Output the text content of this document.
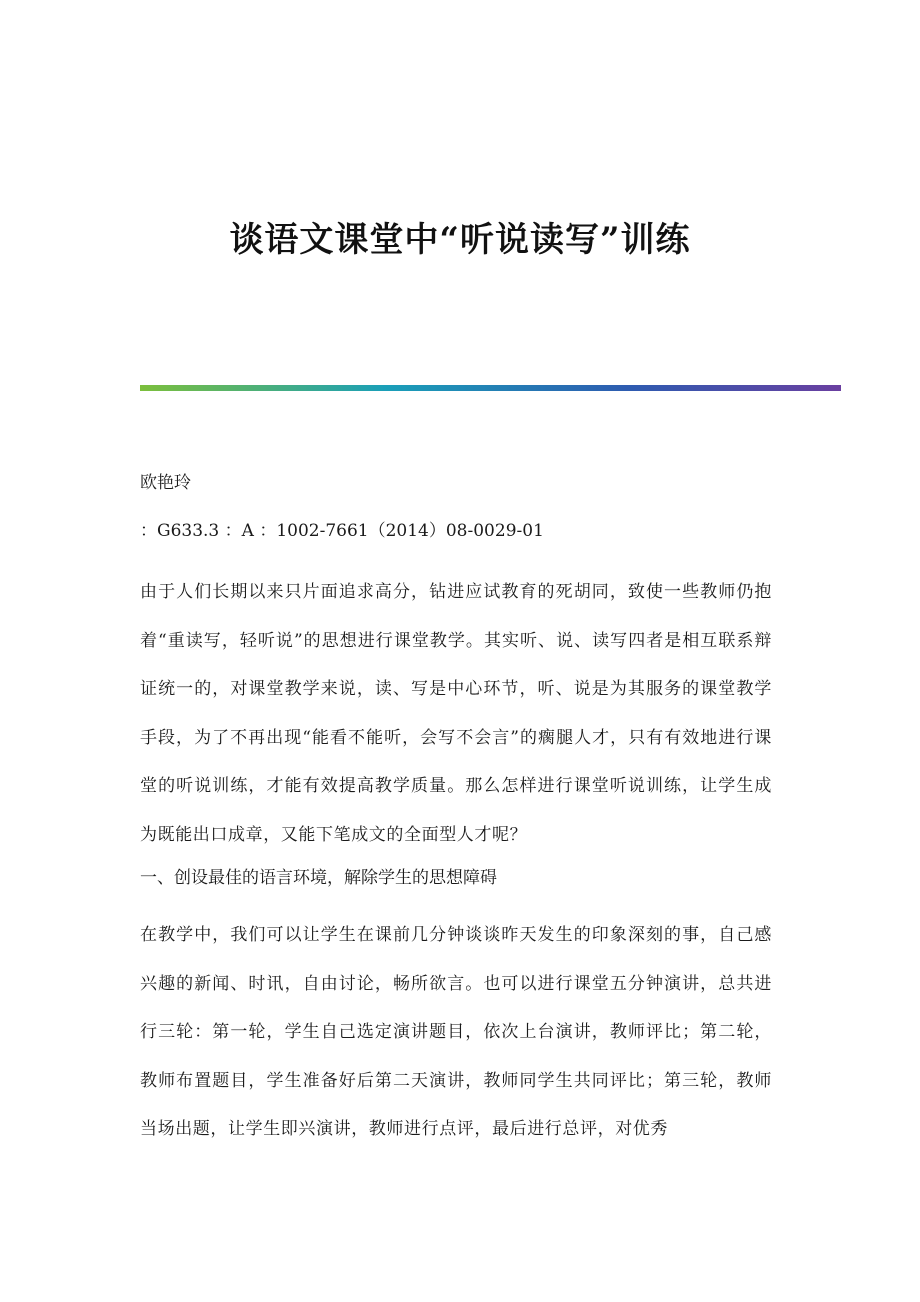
谈语文课堂中“听说读写”训练

欧艳玲

：G633.3 ：A ：1002-7661（2014）08-0029-01

由于人们长期以来只片面追求高分，钻进应试教育的死胡同，致使一些教师仍抱着“重读写，轻听说”的思想进行课堂教学。其实听、说、读写四者是相互联系辩证统一的，对课堂教学来说，读、写是中心环节，听、说是为其服务的课堂教学手段，为了不再出现“能看不能听，会写不会言”的瘸腿人才，只有有效地进行课堂的听说训练，才能有效提高教学质量。那么怎样进行课堂听说训练，让学生成为既能出口成章，又能下笔成文的全面型人才呢？

一、创设最佳的语言环境，解除学生的思想障碍

在教学中，我们可以让学生在课前几分钟谈谈昨天发生的印象深刻的事，自己感兴趣的新闻、时讯，自由讨论，畅所欲言。也可以进行课堂五分钟演讲，总共进行三轮：第一轮，学生自己选定演讲题目，依次上台演讲，教师评比；第二轮，教师布置题目，学生准备好后第二天演讲，教师同学生共同评比；第三轮，教师当场出题，让学生即兴演讲，教师进行点评，最后进行总评，对优秀
